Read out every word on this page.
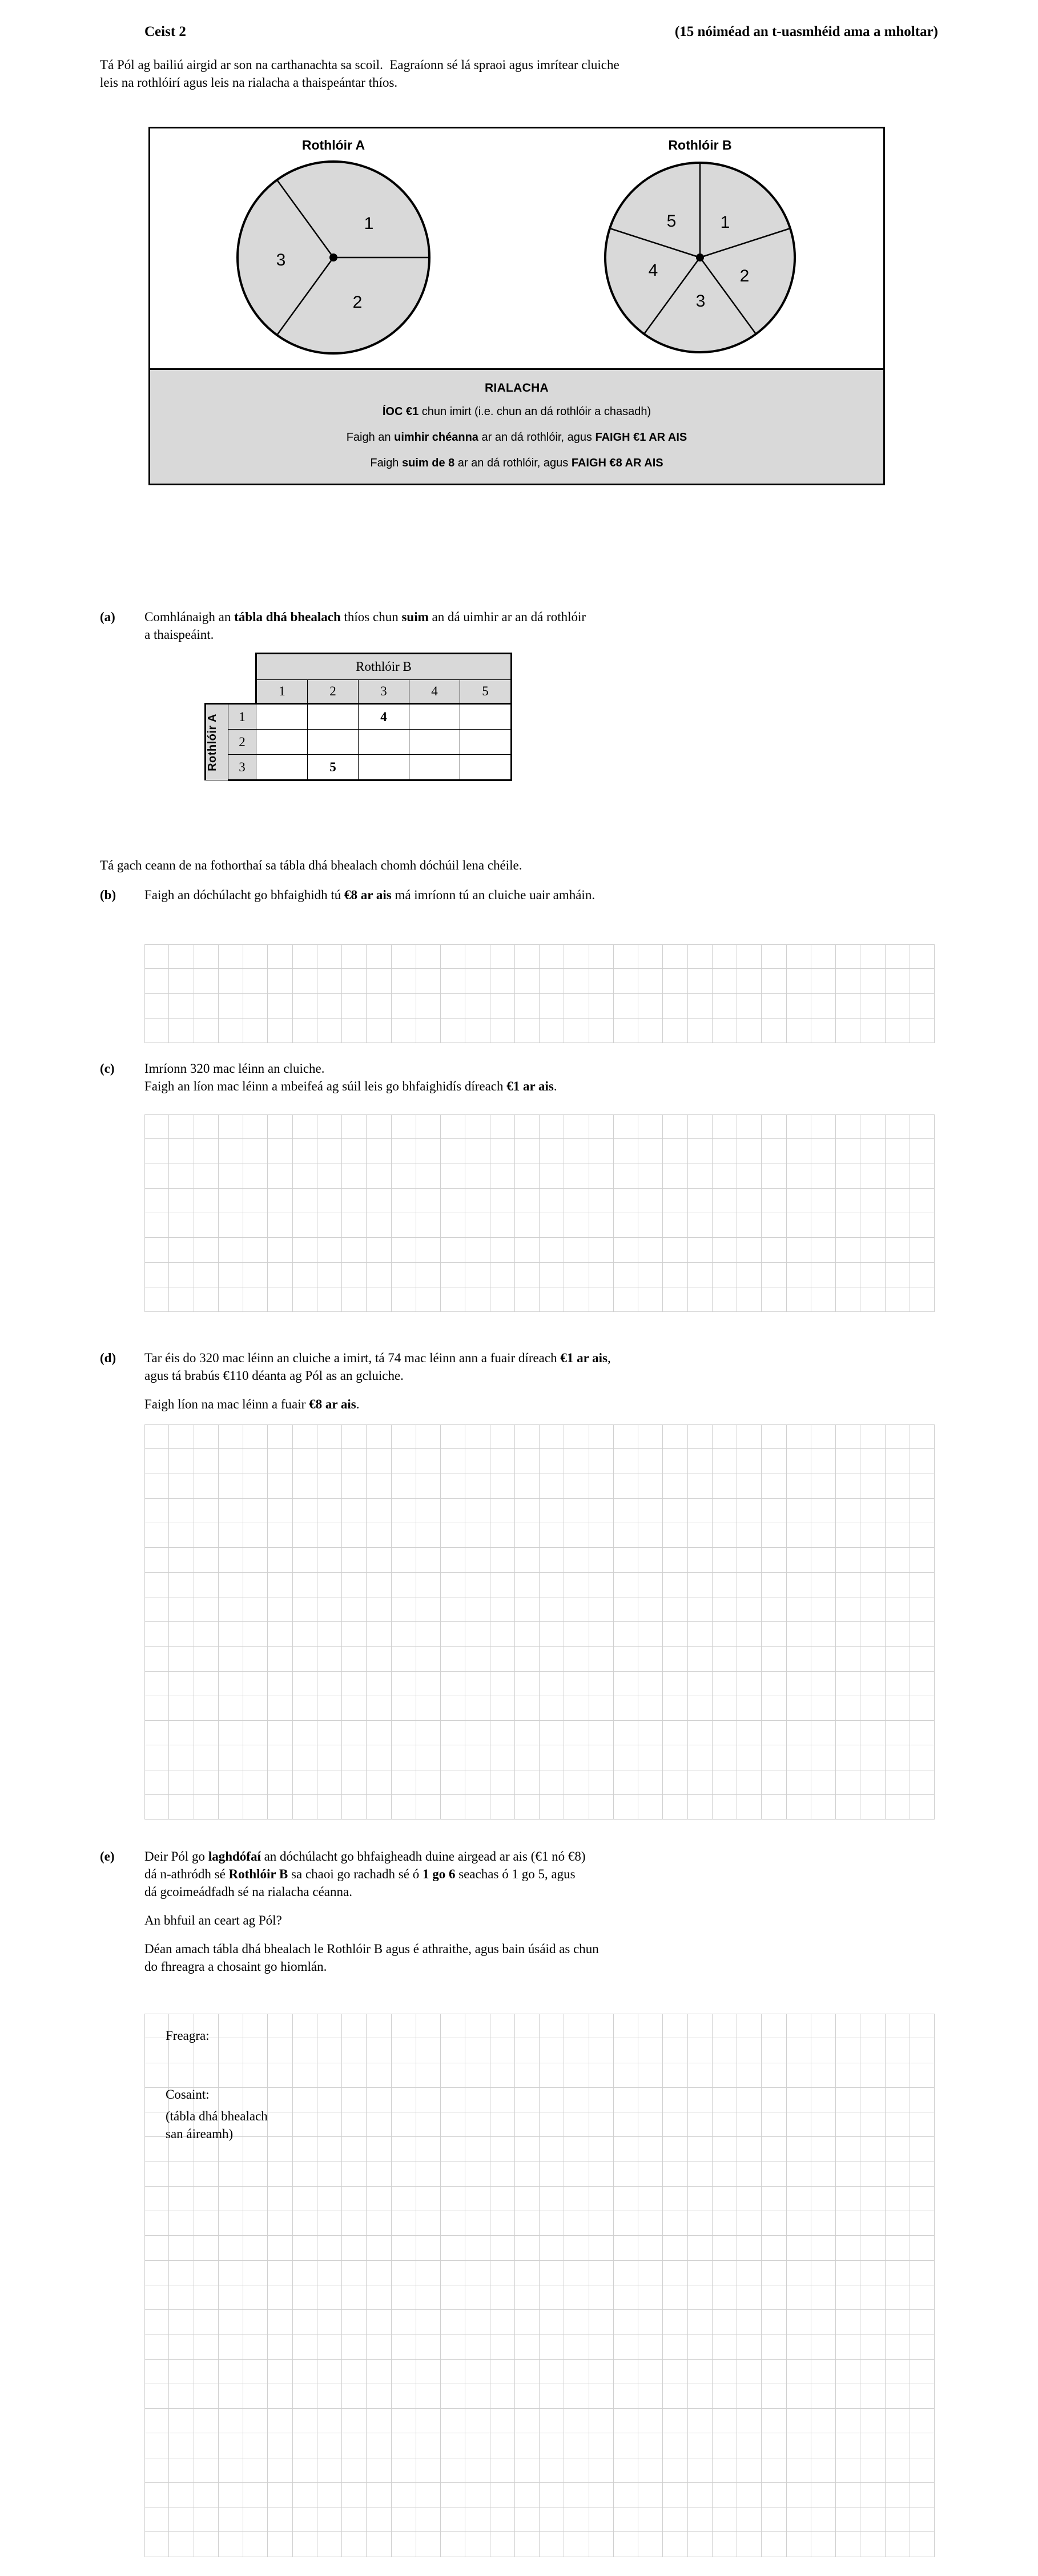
Ceist 2	(15 nóiméad an t-uasmhéid ama a mholtar)
Tá Pól ag bailiú airgid ar son na carthanachta sa scoil.  Eagraíonn sé lá spraoi agus imrítear cluiche
leis na rothlóirí agus leis na rialacha a thaispeántar thíos.
Rothlóir A
1
2
3
Rothlóir B
1
2
3
4
5
RIALACHA
ÍOC €1 chun imirt (i.e. chun an dá rothlóir a chasadh)
Faigh an uimhir chéanna ar an dá rothlóir, agus FAIGH €1 AR AIS
Faigh suim de 8 ar an dá rothlóir, agus FAIGH €8 AR AIS
(a)	Comhlánaigh an tábla dhá bhealach thíos chun suim an dá uimhir ar an dá rothlóir

a thaispeáint.

		Rothlóir B				
		1	2	3	4	5

Rothlóir A	1			4		
	2					
	3		5			
Tá gach ceann de na fothorthaí sa tábla dhá bhealach chomh dóchúil lena chéile.
(b)	Faigh an dóchúlacht go bhfaighidh tú €8 ar ais má imríonn tú an cluiche uair amháin.

(c)	Imríonn 320 mac léinn an cluiche.

Faigh an líon mac léinn a mbeifeá ag súil leis go bhfaighidís díreach €1 ar ais.

(d)	Tar éis do 320 mac léinn an cluiche a imirt, tá 74 mac léinn ann a fuair díreach €1 ar ais,

agus tá brabús €110 déanta ag Pól as an gcluiche.

Faigh líon na mac léinn a fuair €8 ar ais.

(e)	Deir Pól go laghdófaí an dóchúlacht go bhfaigheadh duine airgead ar ais (€1 nó €8)

dá n-athródh sé Rothlóir B sa chaoi go rachadh sé ó 1 go 6 seachas ó 1 go 5, agus

dá gcoimeádfadh sé na rialacha céanna.

An bhfuil an ceart ag Pól?

Déan amach tábla dhá bhealach le Rothlóir B agus é athraithe, agus bain úsáid as chun

do fhreagra a chosaint go hiomlán.

Freagra:
Cosaint:
(tábla dhá bhealach
san áireamh)
